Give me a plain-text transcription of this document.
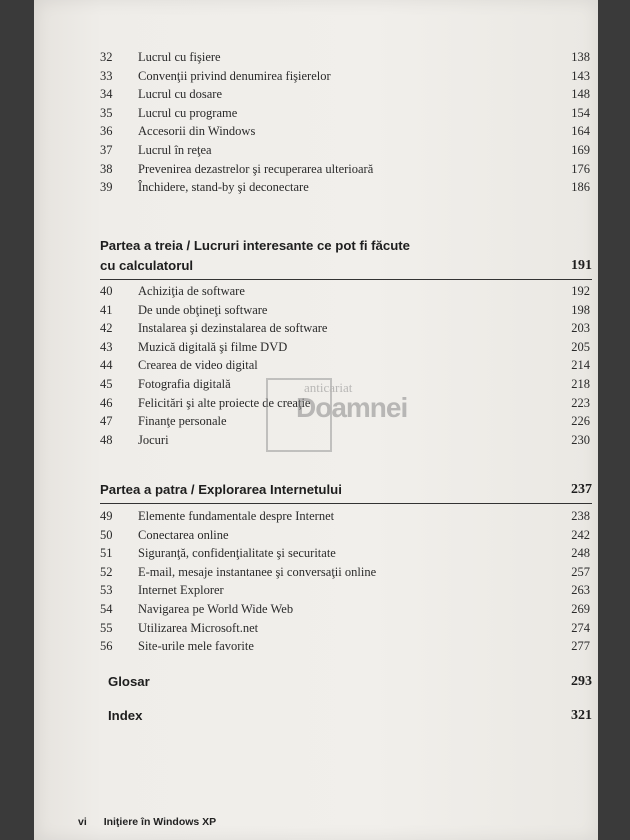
32	Lucrul cu fişiere	138
33	Convenţii privind denumirea fişierelor	143
34	Lucrul cu dosare	148
35	Lucrul cu programe	154
36	Accesorii din Windows	164
37	Lucrul în reţea	169
38	Prevenirea dezastrelor şi recuperarea ulterioară	176
39	Închidere, stand-by şi deconectare	186
Partea a treia / Lucruri interesante ce pot fi făcute
cu calculatorul	191
40	Achiziţia de software	192
41	De unde obţineţi software	198
42	Instalarea şi dezinstalarea de software	203
43	Muzică digitală şi filme DVD	205
44	Crearea de video digital	214
45	Fotografia digitală	218
46	Felicitări şi alte proiecte de creaţie	223
47	Finanţe personale	226
48	Jocuri	230
Partea a patra / Explorarea Internetului	237
49	Elemente fundamentale despre Internet	238
50	Conectarea online	242
51	Siguranţă, confidenţialitate şi securitate	248
52	E-mail, mesaje instantanee şi conversaţii online	257
53	Internet Explorer	263
54	Navigarea pe World Wide Web	269
55	Utilizarea Microsoft.net	274
56	Site-urile mele favorite	277
Glosar	293
Index	321
anticariat
Doamnei
vi Iniţiere în Windows XP
